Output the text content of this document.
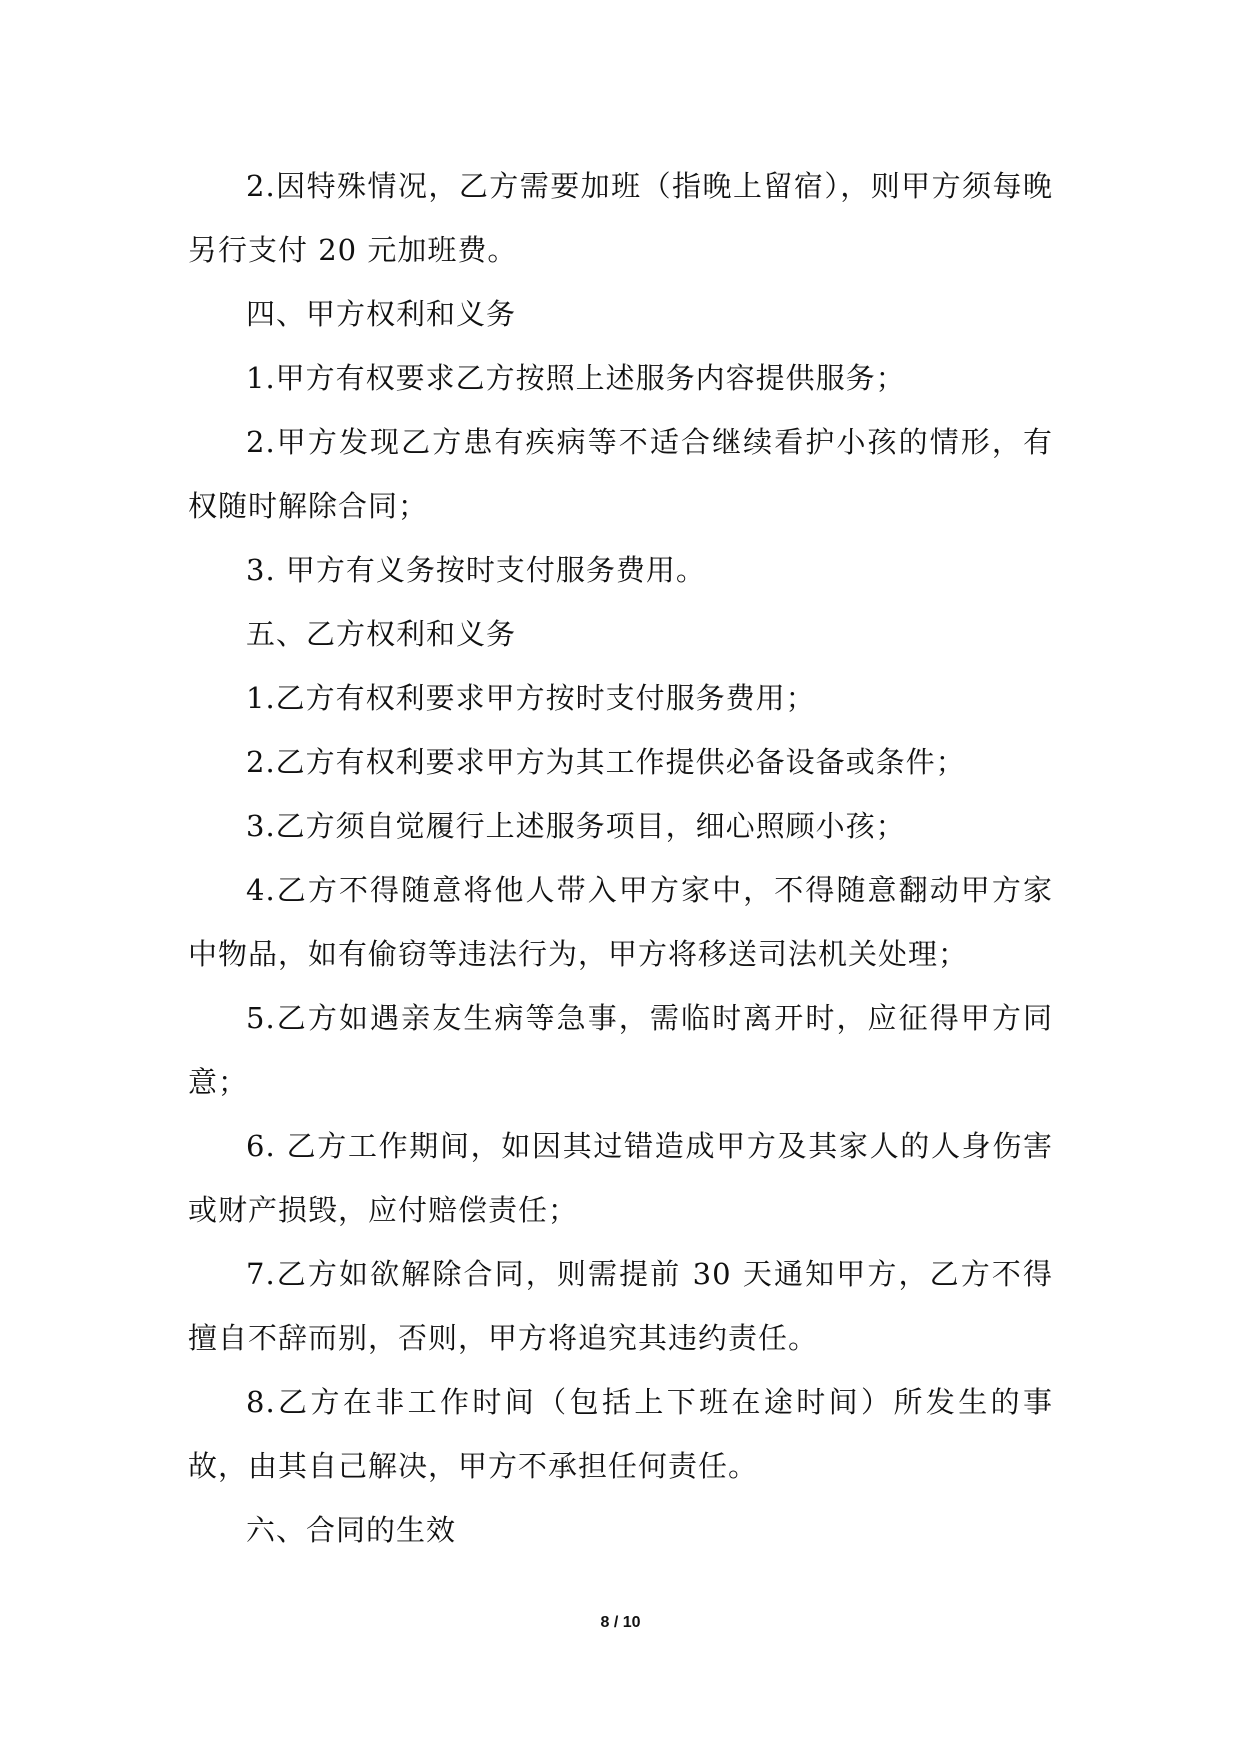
2.因特殊情况，乙方需要加班（指晚上留宿），则甲方须每晚另行支付 20 元加班费。

四、甲方权利和义务

1.甲方有权要求乙方按照上述服务内容提供服务；

2.甲方发现乙方患有疾病等不适合继续看护小孩的情形，有权随时解除合同；

3. 甲方有义务按时支付服务费用。

五、乙方权利和义务

1.乙方有权利要求甲方按时支付服务费用；

2.乙方有权利要求甲方为其工作提供必备设备或条件；

3.乙方须自觉履行上述服务项目，细心照顾小孩；

4.乙方不得随意将他人带入甲方家中，不得随意翻动甲方家中物品，如有偷窃等违法行为，甲方将移送司法机关处理；

5.乙方如遇亲友生病等急事，需临时离开时，应征得甲方同意；

6. 乙方工作期间，如因其过错造成甲方及其家人的人身伤害或财产损毁，应付赔偿责任；

7.乙方如欲解除合同，则需提前 30 天通知甲方，乙方不得擅自不辞而别，否则，甲方将追究其违约责任。

8.乙方在非工作时间（包括上下班在途时间）所发生的事故，由其自己解决，甲方不承担任何责任。

六、合同的生效

8 / 10
